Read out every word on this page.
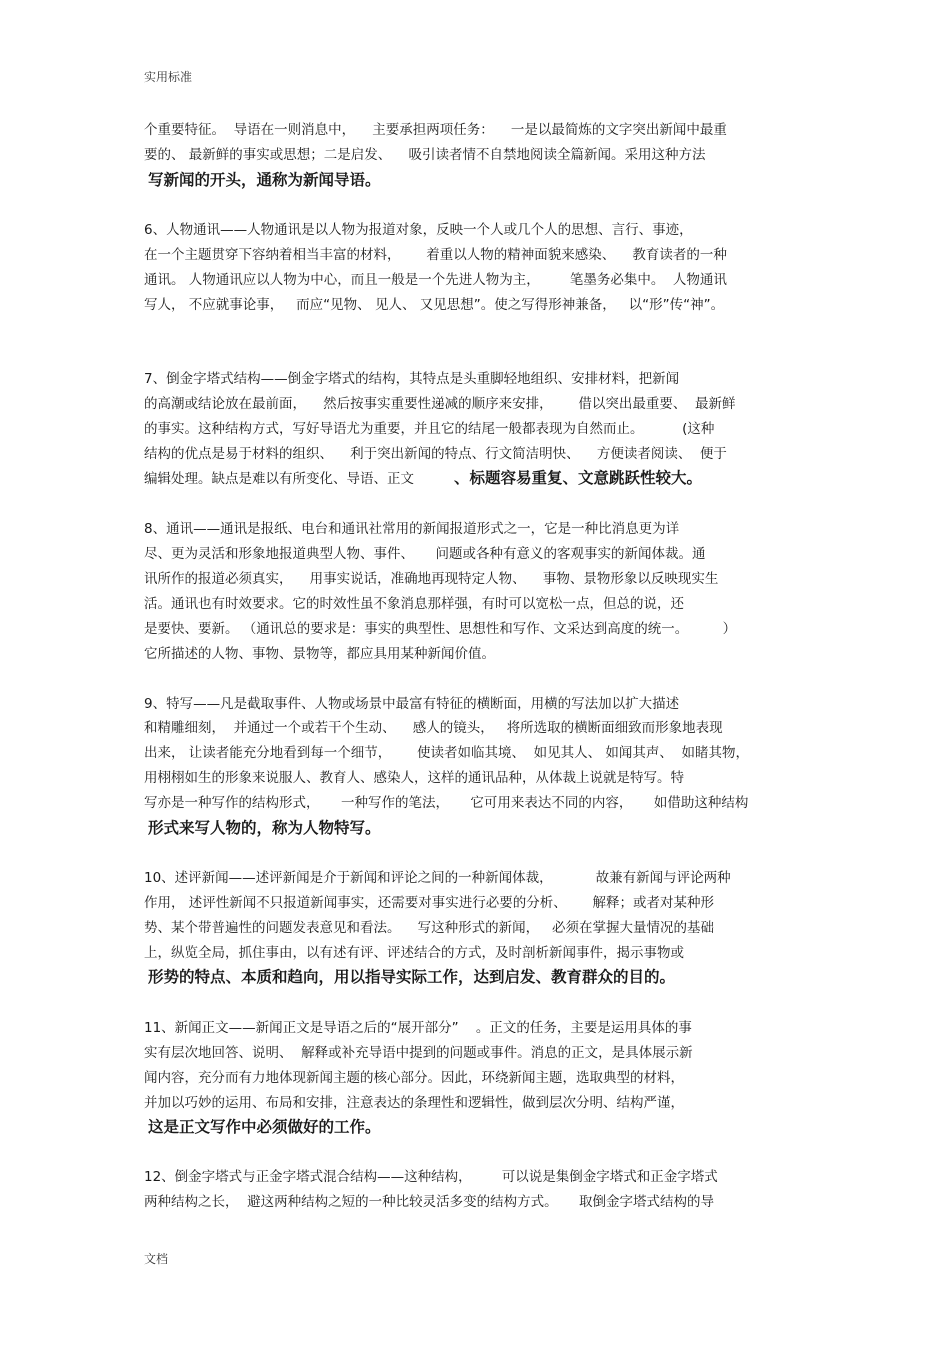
实用标准
个重要特征。  导语在一则消息中，    主要承担两项任务：    一是以最简炼的文字突出新闻中最重
要的、 最新鲜的事实或思想；二是启发、    吸引读者情不自禁地阅读全篇新闻。采用这种方法
写新闻的开头，通称为新闻导语。
6、人物通讯——人物通讯是以人物为报道对象，反映一个人或几个人的思想、言行、事迹，
在一个主题贯穿下容纳着相当丰富的材料，      着重以人物的精神面貌来感染、    教育读者的一种
通讯。 人物通讯应以人物为中心，而且一般是一个先进人物为主，       笔墨务必集中。  人物通讯
写人， 不应就事论事，   而应“见物、 见人、 又见思想”。使之写得形神兼备，   以“形”传“神”。
7、倒金字塔式结构——倒金字塔式的结构，其特点是头重脚轻地组织、安排材料，把新闻
的高潮或结论放在最前面，    然后按事实重要性递减的顺序来安排，      借以突出最重要、  最新鲜
的事实。这种结构方式，写好导语尤为重要，并且它的结尾一般都表现为自然而止。         (这种
结构的优点是易于材料的组织、    利于突出新闻的特点、行文简洁明快、    方便读者阅读、  便于
编辑处理。缺点是难以有所变化、导语、正文	、标题容易重复、文意跳跃性较大。
8、通讯——通讯是报纸、电台和通讯社常用的新闻报道形式之一，它是一种比消息更为详
尽、更为灵活和形象地报道典型人物、事件、     问题或各种有意义的客观事实的新闻体裁。通
讯所作的报道必须真实，    用事实说话，准确地再现特定人物、    事物、景物形象以反映现实生
活。通讯也有时效要求。它的时效性虽不象消息那样强，有时可以宽松一点，但总的说，还
是要快、要新。 （通讯总的要求是：事实的典型性、思想性和写作、文采达到高度的统一。        ）
它所描述的人物、事物、景物等，都应具用某种新闻价值。
9、特写——凡是截取事件、人物或场景中最富有特征的横断面，用横的写法加以扩大描述
和精雕细刻，  并通过一个或若干个生动、    感人的镜头，   将所选取的横断面细致而形象地表现
出来， 让读者能充分地看到每一个细节，      使读者如临其境、  如见其人、 如闻其声、  如睹其物，
用栩栩如生的形象来说服人、教育人、感染人，这样的通讯品种，从体裁上说就是特写。特
写亦是一种写作的结构形式，     一种写作的笔法，     它可用来表达不同的内容，     如借助这种结构
形式来写人物的，称为人物特写。
10、述评新闻——述评新闻是介于新闻和评论之间的一种新闻体裁，          故兼有新闻与评论两种
作用， 述评性新闻不只报道新闻事实，还需要对事实进行必要的分析、      解释；或者对某种形
势、某个带普遍性的问题发表意见和看法。    写这种形式的新闻，   必须在掌握大量情况的基础
上，纵览全局，抓住事由，以有述有评、评述结合的方式，及时剖析新闻事件，揭示事物或
形势的特点、本质和趋向，用以指导实际工作，达到启发、教育群众的目的。
11、新闻正文——新闻正文是导语之后的“展开部分”    。正文的任务，主要是运用具体的事
实有层次地回答、说明、  解释或补充导语中提到的问题或事件。消息的正文，是具体展示新
闻内容，充分而有力地体现新闻主题的核心部分。因此，环绕新闻主题，选取典型的材料，
并加以巧妙的运用、布局和安排，注意表达的条理性和逻辑性，做到层次分明、结构严谨，
这是正文写作中必须做好的工作。
12、倒金字塔式与正金字塔式混合结构——这种结构，       可以说是集倒金字塔式和正金字塔式
两种结构之长，  避这两种结构之短的一种比较灵活多变的结构方式。     取倒金字塔式结构的导
文档
